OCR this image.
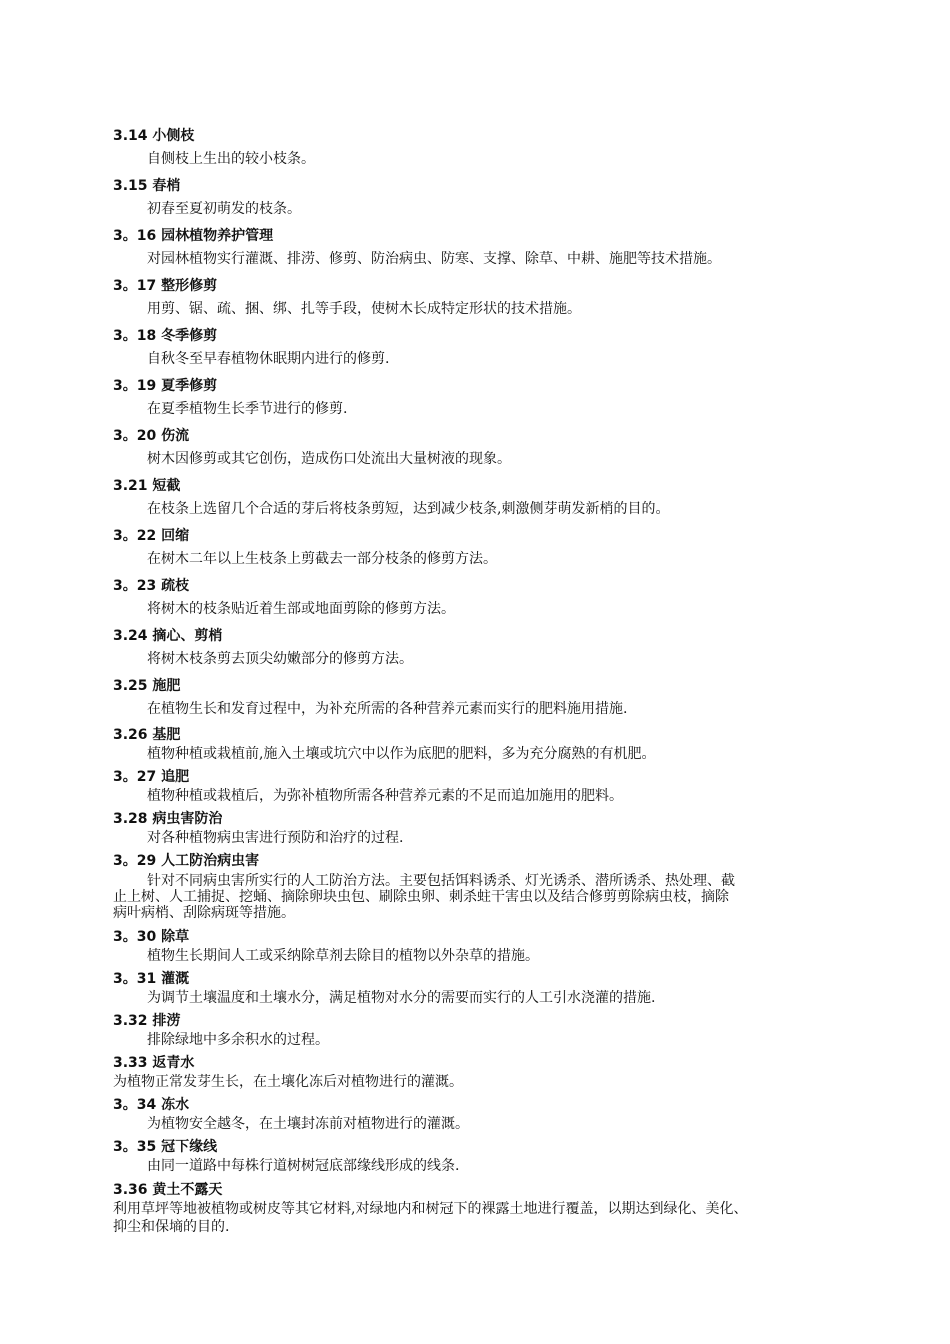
3.14 小侧枝
自侧枝上生出的较小枝条。
3.15 春梢
初春至夏初萌发的枝条。
3。16 园林植物养护管理
对园林植物实行灌溉、排涝、修剪、防治病虫、防寒、支撑、除草、中耕、施肥等技术措施。
3。17 整形修剪
用剪、锯、疏、捆、绑、扎等手段，使树木长成特定形状的技术措施。
3。18 冬季修剪
自秋冬至早春植物休眠期内进行的修剪.
3。19 夏季修剪
在夏季植物生长季节进行的修剪.
3。20 伤流
树木因修剪或其它创伤，造成伤口处流出大量树液的现象。
3.21 短截
在枝条上选留几个合适的芽后将枝条剪短，达到减少枝条,刺激侧芽萌发新梢的目的。
3。22 回缩
在树木二年以上生枝条上剪截去一部分枝条的修剪方法。
3。23 疏枝
将树木的枝条贴近着生部或地面剪除的修剪方法。
3.24 摘心、剪梢
将树木枝条剪去顶尖幼嫩部分的修剪方法。
3.25 施肥
在植物生长和发育过程中，为补充所需的各种营养元素而实行的肥料施用措施.
3.26 基肥
植物种植或栽植前,施入土壤或坑穴中以作为底肥的肥料，多为充分腐熟的有机肥。
3。27 追肥
植物种植或栽植后，为弥补植物所需各种营养元素的不足而追加施用的肥料。
3.28 病虫害防治
对各种植物病虫害进行预防和治疗的过程.
3。29 人工防治病虫害
针对不同病虫害所实行的人工防治方法。主要包括饵料诱杀、灯光诱杀、潜所诱杀、热处理、截
止上树、人工捕捉、挖蛹、摘除卵块虫包、刷除虫卵、刺杀蛀干害虫以及结合修剪剪除病虫枝，摘除
病叶病梢、刮除病斑等措施。
3。30 除草
植物生长期间人工或采纳除草剂去除目的植物以外杂草的措施。
3。31 灌溉
为调节土壤温度和土壤水分，满足植物对水分的需要而实行的人工引水浇灌的措施.
3.32 排涝
排除绿地中多余积水的过程。
3.33 返青水
为植物正常发芽生长，在土壤化冻后对植物进行的灌溉。
3。34 冻水
为植物安全越冬，在土壤封冻前对植物进行的灌溉。
3。35 冠下缘线
由同一道路中每株行道树树冠底部缘线形成的线条.
3.36 黄土不露天
利用草坪等地被植物或树皮等其它材料,对绿地内和树冠下的裸露土地进行覆盖，以期达到绿化、美化、
抑尘和保墒的目的.
